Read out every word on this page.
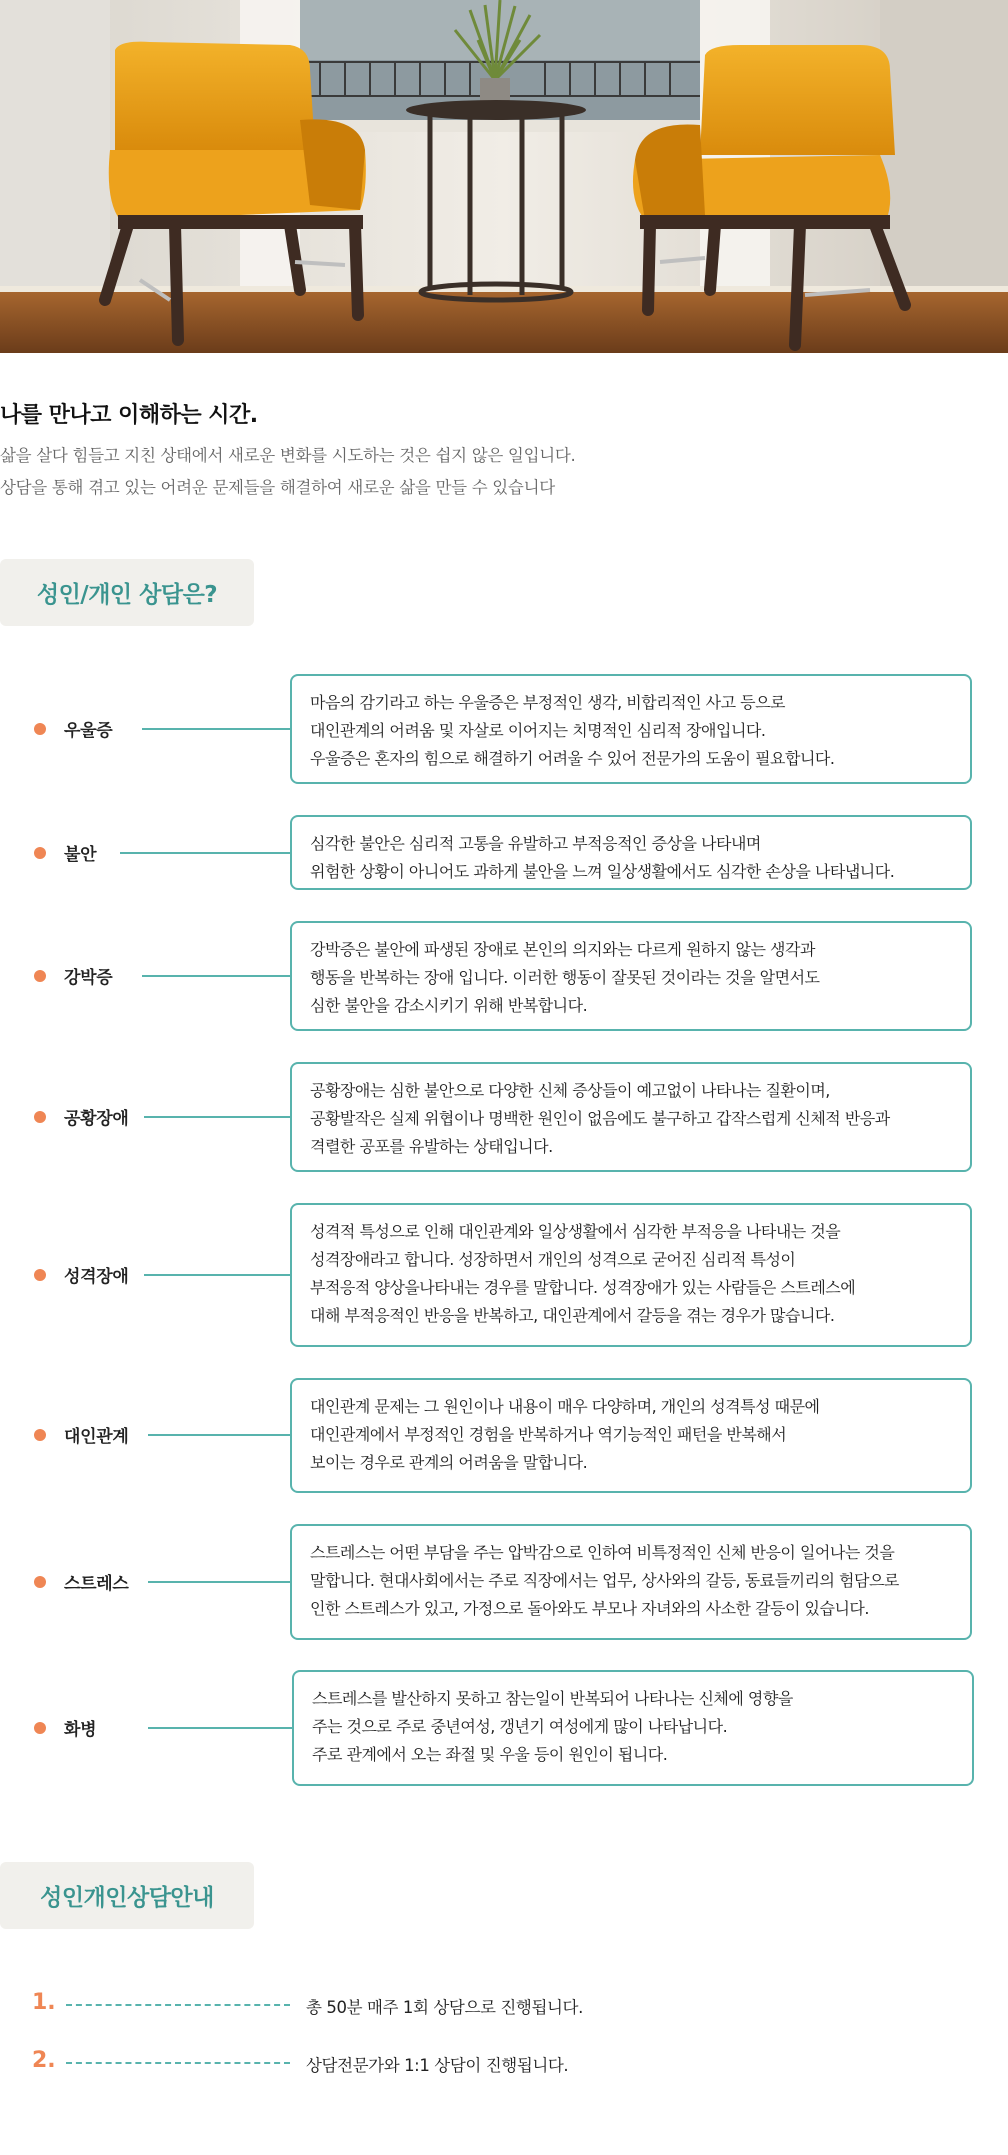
나를 만나고 이해하는 시간.
삶을 살다 힘들고 지친 상태에서 새로운 변화를 시도하는 것은 쉽지 않은 일입니다.
상담을 통해 겪고 있는 어려운 문제들을 해결하여 새로운 삶을 만들 수 있습니다
성인/개인 상담은?
우울증

마음의 감기라고 하는 우울증은 부정적인 생각, 비합리적인 사고 등으로

대인관계의 어려움 및 자살로 이어지는 치명적인 심리적 장애입니다.

우울증은 혼자의 힘으로 해결하기 어려울 수 있어 전문가의 도움이 필요합니다.

불안

심각한 불안은 심리적 고통을 유발하고 부적응적인 증상을 나타내며

위험한 상황이 아니어도 과하게 불안을 느껴 일상생활에서도 심각한 손상을 나타냅니다.

강박증

강박증은 불안에 파생된 장애로 본인의 의지와는 다르게 원하지 않는 생각과

행동을 반복하는 장애 입니다. 이러한 행동이 잘못된 것이라는 것을 알면서도

심한 불안을 감소시키기 위해 반복합니다.

공황장애

공황장애는 심한 불안으로 다양한 신체 증상들이 예고없이 나타나는 질환이며,

공황발작은 실제 위협이나 명백한 원인이 없음에도 불구하고 갑작스럽게 신체적 반응과

격렬한 공포를 유발하는 상태입니다.

성격장애

성격적 특성으로 인해 대인관계와 일상생활에서 심각한 부적응을 나타내는 것을

성격장애라고 합니다. 성장하면서 개인의 성격으로 굳어진 심리적 특성이

부적응적 양상을나타내는 경우를 말합니다. 성격장애가 있는 사람들은 스트레스에

대해 부적응적인 반응을 반복하고, 대인관계에서 갈등을 겪는 경우가 많습니다.

대인관계

대인관계 문제는 그 원인이나 내용이 매우 다양하며, 개인의 성격특성 때문에

대인관계에서 부정적인 경험을 반복하거나 역기능적인 패턴을 반복해서

보이는 경우로 관계의 어려움을 말합니다.

스트레스

스트레스는 어떤 부담을 주는 압박감으로 인하여 비특정적인 신체 반응이 일어나는 것을

말합니다. 현대사회에서는 주로 직장에서는 업무, 상사와의 갈등, 동료들끼리의 험담으로

인한 스트레스가 있고, 가정으로 돌아와도 부모나 자녀와의 사소한 갈등이 있습니다.

화병

스트레스를 발산하지 못하고 참는일이 반복되어 나타나는 신체에 영향을

주는 것으로 주로 중년여성, 갱년기 여성에게 많이 나타납니다.

주로 관계에서 오는 좌절 및 우울 등이 원인이 됩니다.

성인개인상담안내
1.	총 50분 매주 1회 상담으로 진행됩니다.
2.	상담전문가와 1:1 상담이 진행됩니다.
